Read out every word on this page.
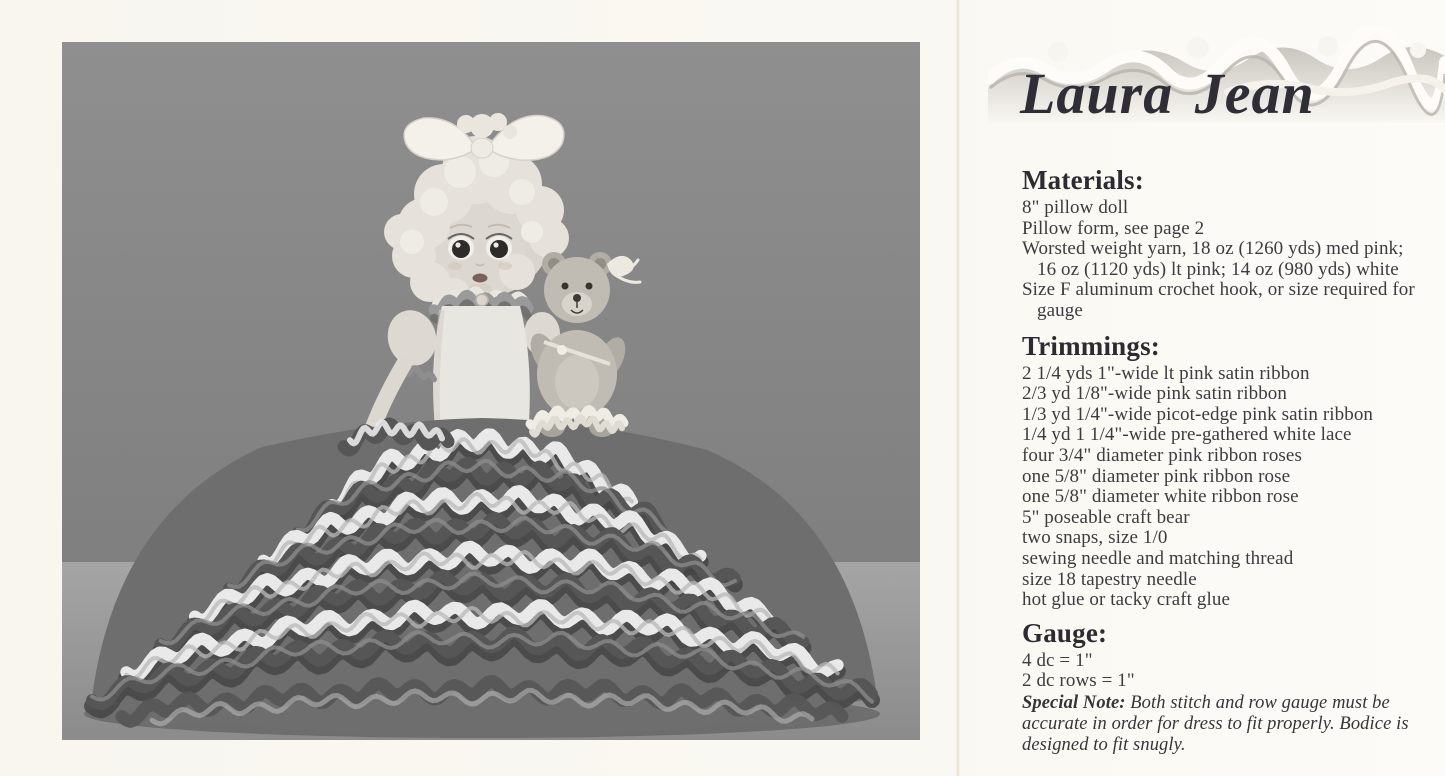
Laura Jean
Materials:
8" pillow doll
Pillow form, see page 2
Worsted weight yarn, 18 oz (1260 yds) med pink;
16 oz (1120 yds) lt pink; 14 oz (980 yds) white
Size F aluminum crochet hook, or size required for
gauge
Trimmings:
2 1/4 yds 1"-wide lt pink satin ribbon
2/3 yd 1/8"-wide pink satin ribbon
1/3 yd 1/4"-wide picot-edge pink satin ribbon
1/4 yd 1 1/4"-wide pre-gathered white lace
four 3/4" diameter pink ribbon roses
one 5/8" diameter pink ribbon rose
one 5/8" diameter white ribbon rose
5" poseable craft bear
two snaps, size 1/0
sewing needle and matching thread
size 18 tapestry needle
hot glue or tacky craft glue
Gauge:
4 dc = 1"
2 dc rows = 1"

Special Note: Both stitch and row gauge must be accurate in order for dress to fit properly. Bodice is designed to fit snugly.
